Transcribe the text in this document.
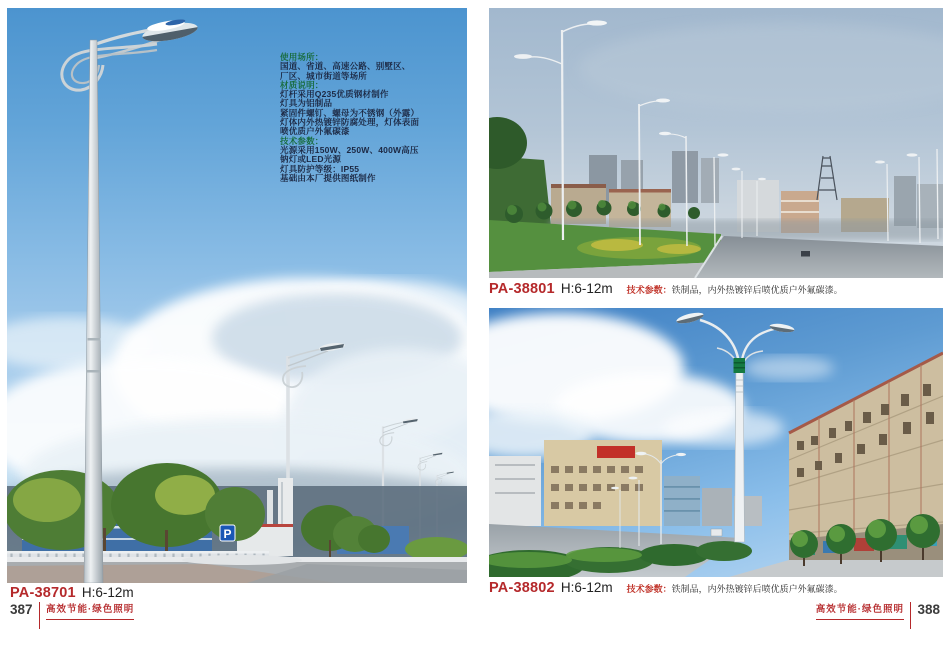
P
使用场所：
国道、省道、高速公路、别墅区、
厂区、城市街道等场所
材质说明：
灯杆采用Q235优质钢材制作
灯具为铝制品
紧固件螺钉、螺母为不锈钢（外露）
灯体内外热镀锌防腐处理，灯体表面
喷优质户外氟碳漆
技术参数：
光源采用150W、250W、400W高压
钠灯或LED光源
灯具防护等级：IP55
基础由本厂提供图纸制作
PA-38701 H:6-12m
PA-38801 H:6-12m 技术参数： 铁制品，内外热镀锌后喷优质户外氟碳漆。
PA-38802 H:6-12m 技术参数： 铁制品，内外热镀锌后喷优质户外氟碳漆。
387 高效节能·绿色照明	高效节能·绿色照明 388
